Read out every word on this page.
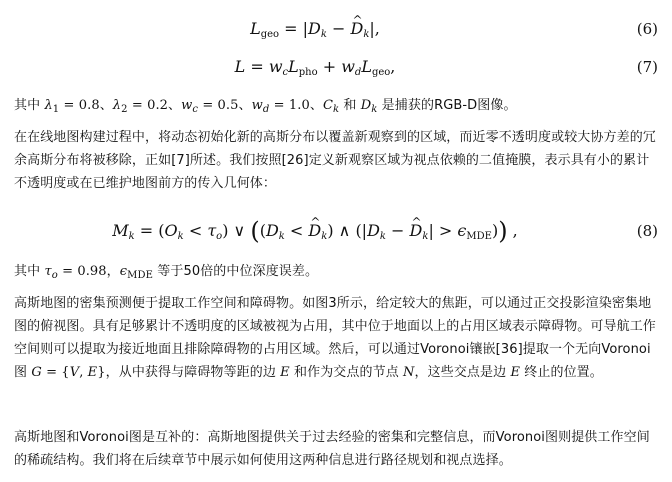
$L_{geo} = |D_k$ − ^ $D_k|$,	(6)
$L = w_cL_{pho} + w_dL_{geo}$,	(7)
其中 $\lambda_1 = 0.8$、$\lambda_2 = 0.2$、$w_c = 0.5$、$w_d = 1.0$、$C_k$ 和 $D_k$ 是捕获的RGB-D图像。
在在线地图构建过程中，将动态初始化新的高斯分布以覆盖新观察到的区域，而近零不透明度或较大协方差的冗余高斯分布将被移除，正如[7]所述。我们按照[26]定义新观察区域为视点依赖的二值掩膜，表示具有小的累计不透明度或在已维护地图前方的传入几何体：
$M_k = (O_k < \tau_o)$ ∨ (($D_k$ < ^ $D_k$) ∧ ($|D_k$ − ^ $D_k| > \epsilon_{MDE}$)) ,	(8)
其中 $\tau_o = 0.98$，$\epsilon_{MDE}$ 等于50倍的中位深度误差。
高斯地图的密集预测便于提取工作空间和障碍物。如图3所示，给定较大的焦距，可以通过正交投影渲染密集地图的俯视图。具有足够累计不透明度的区域被视为占用，其中位于地面以上的占用区域表示障碍物。可导航工作空间则可以提取为接近地面且排除障碍物的占用区域。然后，可以通过Voronoi镶嵌[36]提取一个无向Voronoi图 G = {V, E}，从中获得与障碍物等距的边 E 和作为交点的节点 N，这些交点是边 E 终止的位置。
高斯地图和Voronoi图是互补的：高斯地图提供关于过去经验的密集和完整信息，而Voronoi图则提供工作空间的稀疏结构。我们将在后续章节中展示如何使用这两种信息进行路径规划和视点选择。
